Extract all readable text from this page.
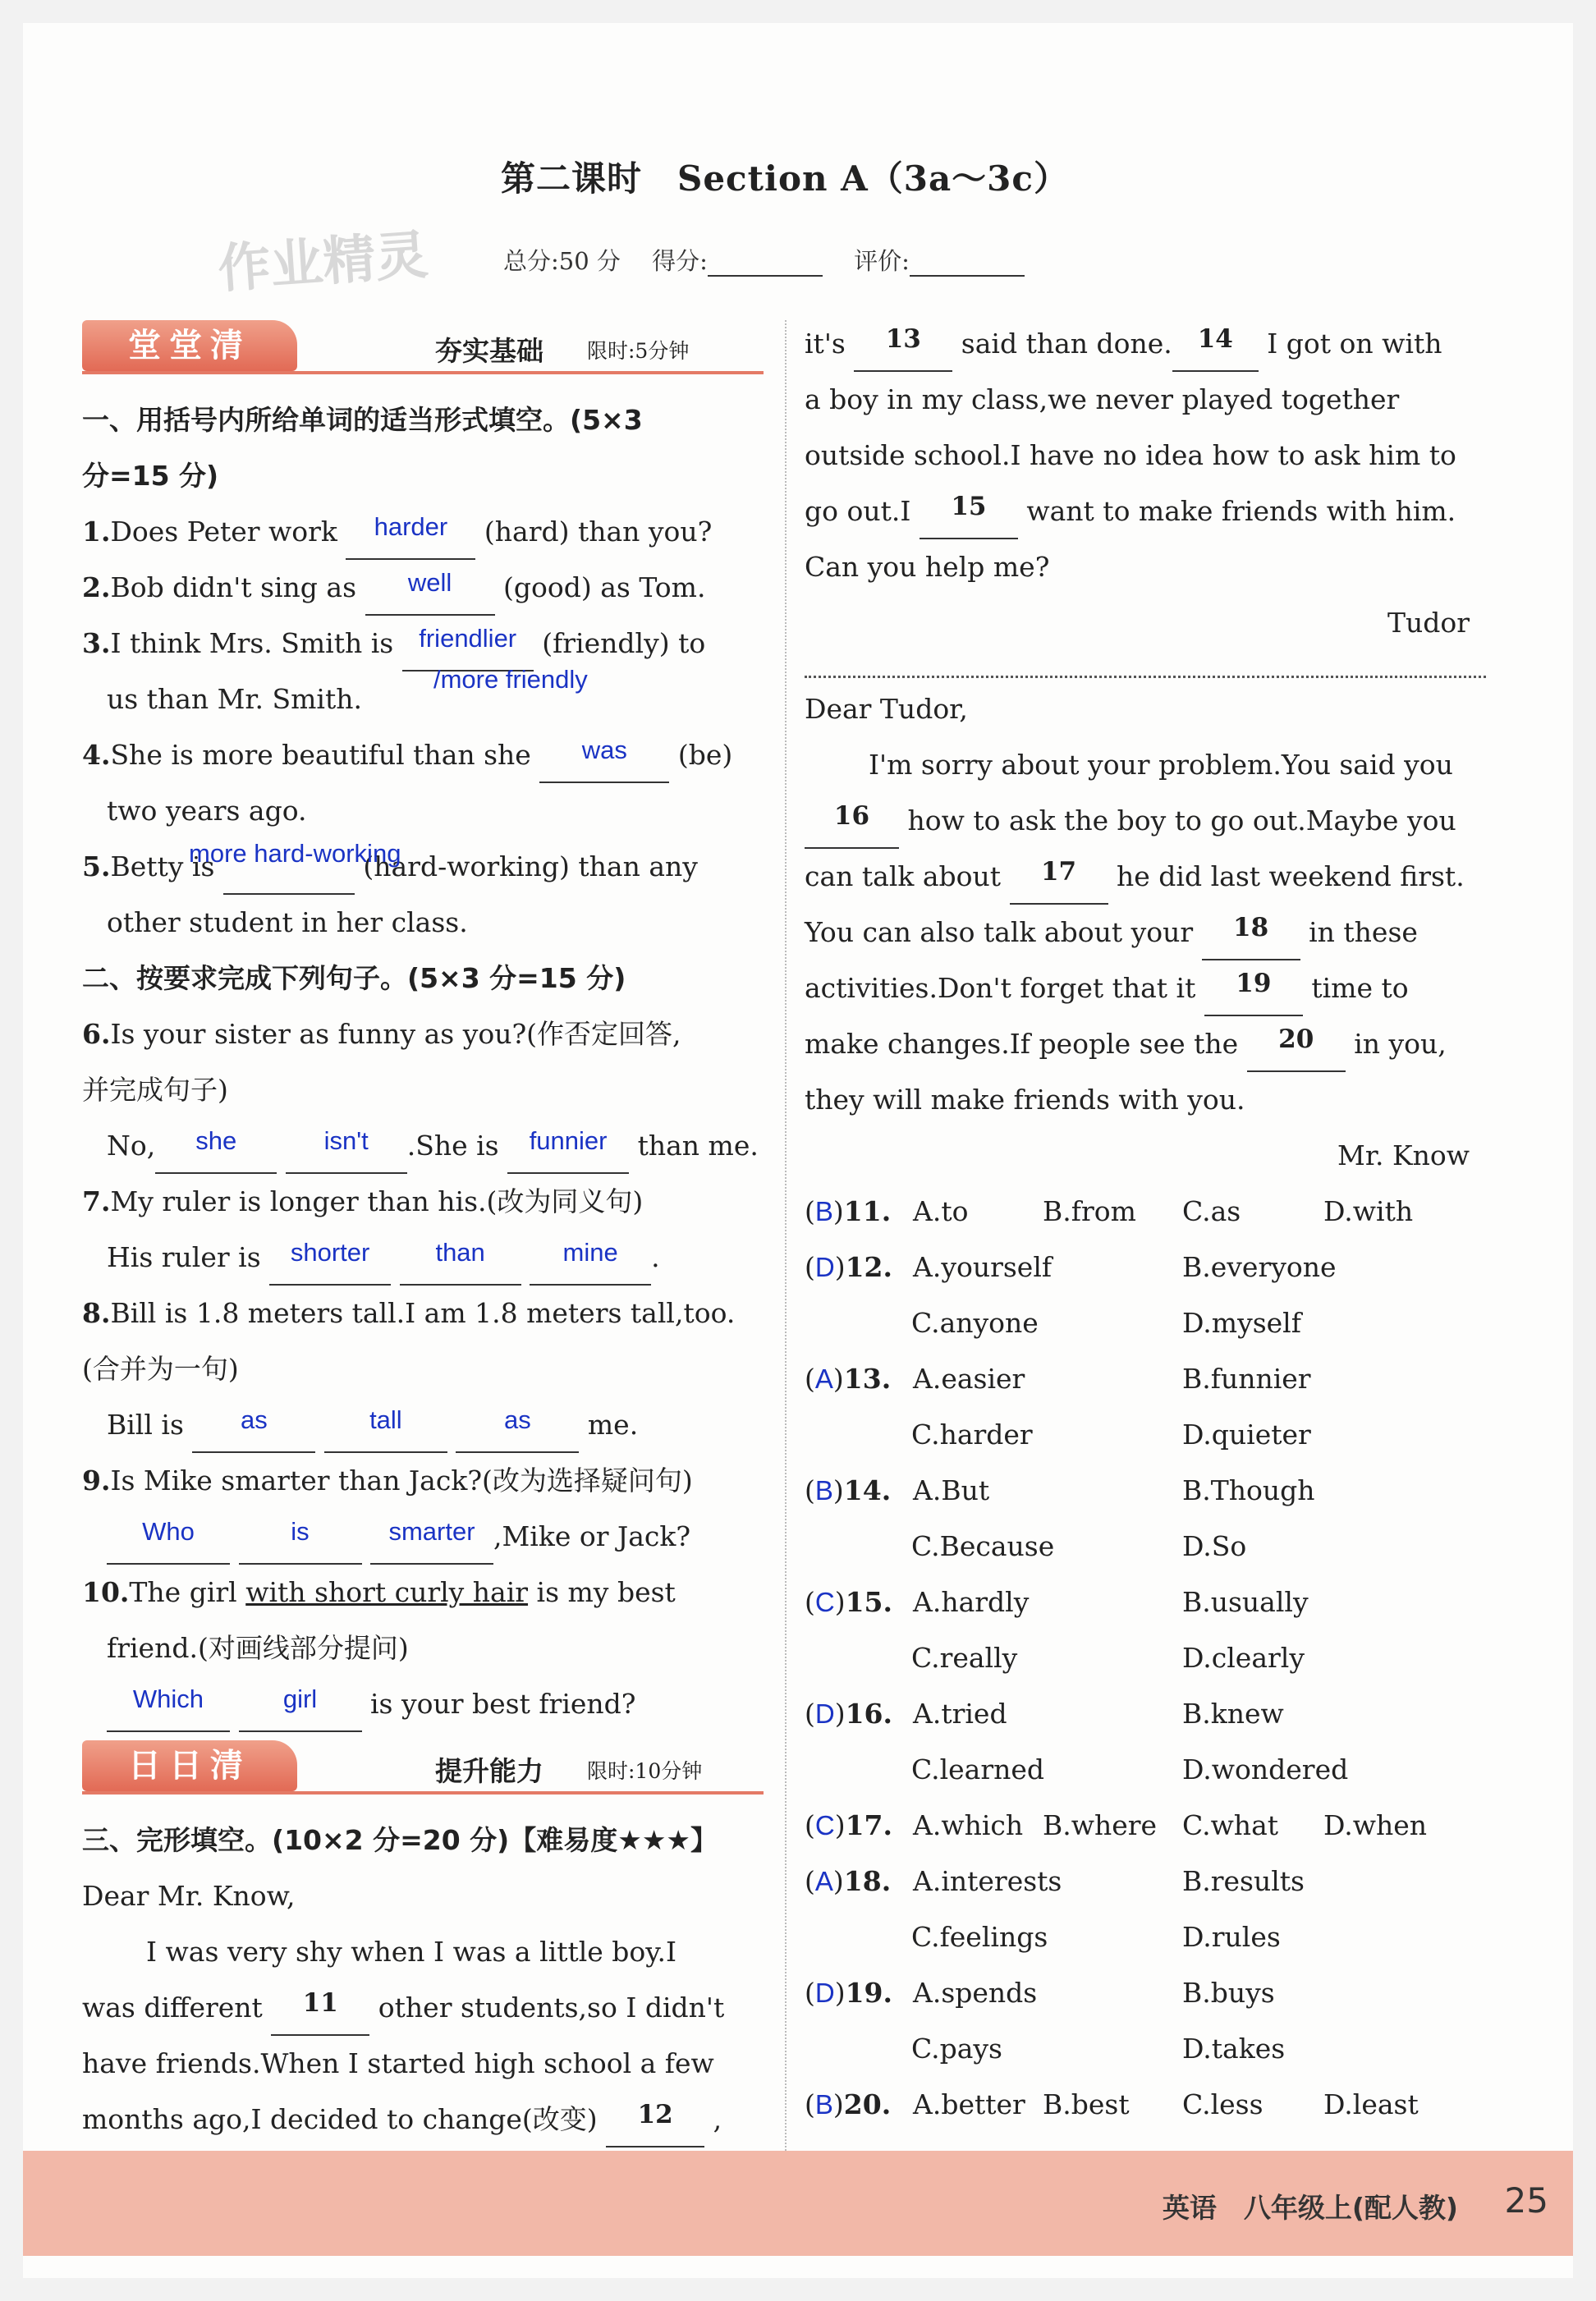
第二课时　Section A（3a～3c）
作业精灵	总分:50 分　 得分:　	评价:
堂堂清	夯实基础 限时:5分钟
一、用括号内所给单词的适当形式填空。(5×3
分=15 分)
1.Does Peter work	harder	(hard) than you?
2.Bob didn't sing as	well	(good) as Tom.
3.I think Mrs. Smith is friendlier (friendly) to
/more friendly
us than Mr. Smith.
4.She is more beautiful than she	was	(be)
two years ago.
5.Betty is	(hard-working) than any
more hard-working
other student in her class.
二、按要求完成下列句子。(5×3 分=15 分)
6.Is your sister as funny as you?(作否定回答,
并完成句子)
No,	she
	isn't	.She is	funnier	than me.
7.My ruler is longer than his.(改为同义句)
His ruler is shorter
	than
	mine	.
8.Bill is 1.8 meters tall.I am 1.8 meters tall,too.
(合并为一句)
Bill is	as
	tall
	as	me.
9.Is Mike smarter than Jack?(改为选择疑问句)
Who
	is
	smarter ,Mike or Jack?
10.The girl with short curly hair is my best
friend.(对画线部分提问)
Which
	girl	is your best friend?
日日清	提升能力 限时:10分钟
三、完形填空。(10×2 分=20 分)【难易度★★★】
Dear Mr. Know,
I was very shy when I was a little boy.I
was different	11	other students,so I didn't
have friends.When I started high school a few
months ago,I decided to change(改变)	12	,
it's	13	said than done. 14 I got on with
a boy in my class,we never played together
outside school.I have no idea how to ask him to
go out.I	15	want to make friends with him.
Can you help me?
Tudor
Dear Tudor,
I'm sorry about your problem.You said you
16	how to ask the boy to go out.Maybe you
can talk about	17	he did last weekend first.
You can also talk about your	18	in these
activities.Don't forget that it	19	time to
make changes.If people see the	20	in you,
they will make friends with you.
Mr. Know
(B)11. A.to	B.from C.as	D.with
(D)12. A.yourself	B.everyone
C.anyone	D.myself
(A)13. A.easier	B.funnier
C.harder	D.quieter
(B)14. A.But	B.Though
C.Because	D.So
(C)15. A.hardly	B.usually
C.really	D.clearly
(D)16. A.tried	B.knew
C.learned	D.wondered
(C)17. A.which B.where C.what D.when
(A)18. A.interests	B.results
C.feelings	D.rules
(D)19. A.spends	B.buys
C.pays	D.takes
(B)20. A.better B.best C.less D.least
英语　八年级上(配人教) 25
